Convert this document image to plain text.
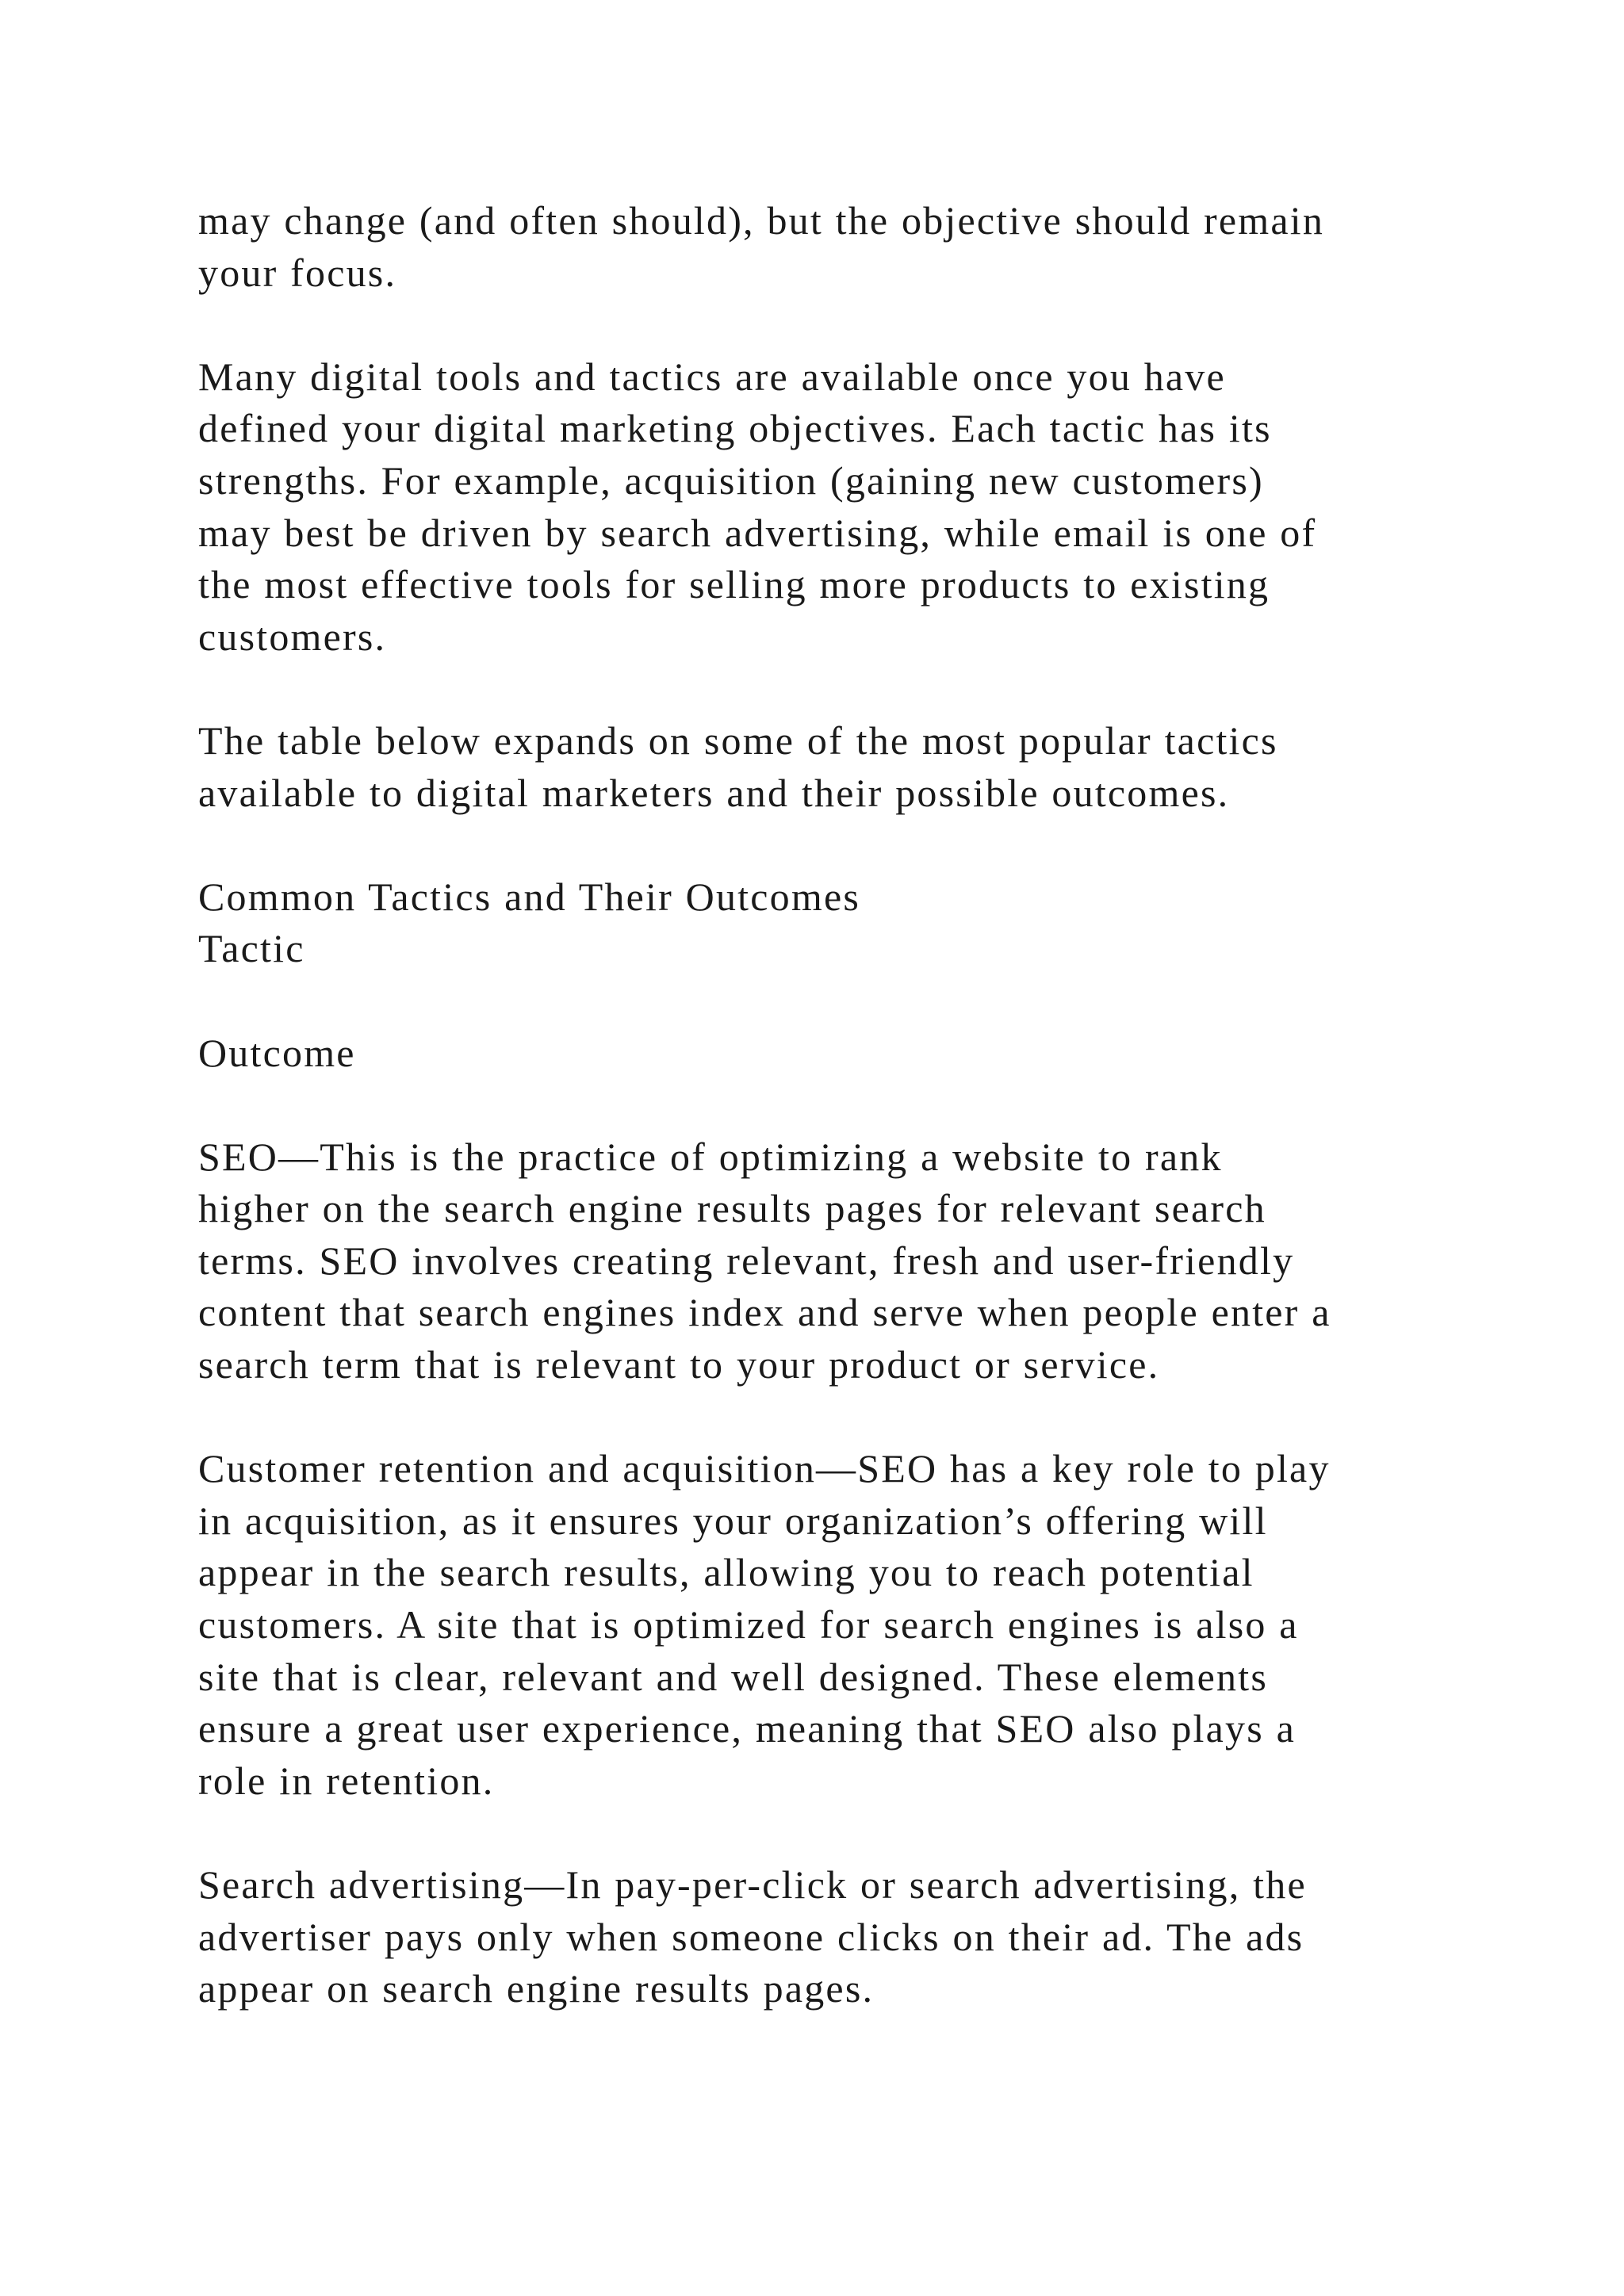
may change (and often should), but the objective should remain
your focus.
Many digital tools and tactics are available once you have
defined your digital marketing objectives. Each tactic has its
strengths. For example, acquisition (gaining new customers)
may best be driven by search advertising, while email is one of
the most effective tools for selling more products to existing
customers.
The table below expands on some of the most popular tactics
available to digital marketers and their possible outcomes.
Common Tactics and Their Outcomes
Tactic
Outcome
SEO—This is the practice of optimizing a website to rank
higher on the search engine results pages for relevant search
terms. SEO involves creating relevant, fresh and user-friendly
content that search engines index and serve when people enter a
search term that is relevant to your product or service.
Customer retention and acquisition—SEO has a key role to play
in acquisition, as it ensures your organization’s offering will
appear in the search results, allowing you to reach potential
customers. A site that is optimized for search engines is also a
site that is clear, relevant and well designed. These elements
ensure a great user experience, meaning that SEO also plays a
role in retention.
Search advertising—In pay-per-click or search advertising, the
advertiser pays only when someone clicks on their ad. The ads
appear on search engine results pages.
